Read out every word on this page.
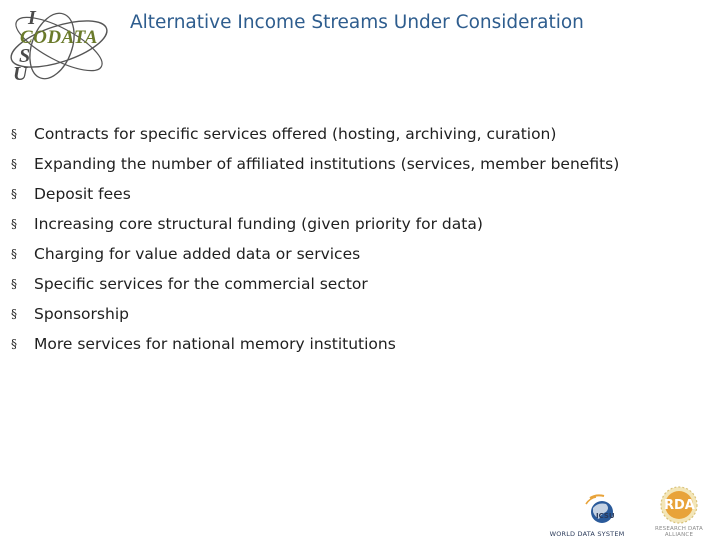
I
CODATA
S
U
Alternative Income Streams Under Consideration
§
Contracts for specific services offered (hosting, archiving, curation)
§
Expanding the number of affiliated institutions (services, member benefits)
§
Deposit fees
§
Increasing core structural funding (given priority for data)
§
Charging for value added data or services
§
Specific services for the commercial sector
§
Sponsorship
§
More services for national memory institutions
ICSU
WORLD DATA SYSTEM
RDA
RESEARCH DATA ALLIANCE
